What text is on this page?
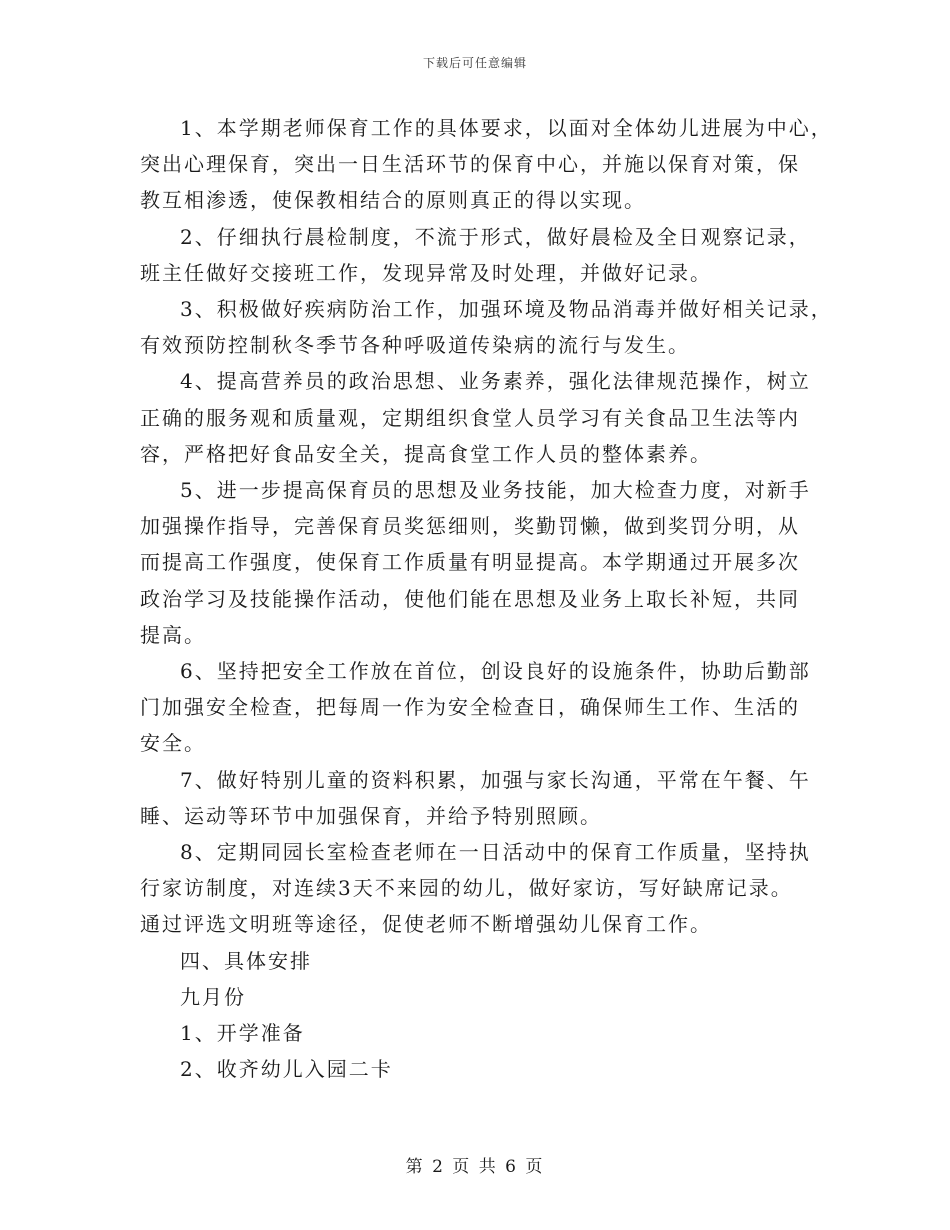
下载后可任意编辑

1、本学期老师保育工作的具体要求，以面对全体幼儿进展为中心，
突出心理保育，突出一日生活环节的保育中心，并施以保育对策，保
教互相渗透，使保教相结合的原则真正的得以实现。

2、仔细执行晨检制度，不流于形式，做好晨检及全日观察记录，
班主任做好交接班工作，发现异常及时处理，并做好记录。

3、积极做好疾病防治工作，加强环境及物品消毒并做好相关记录，
有效预防控制秋冬季节各种呼吸道传染病的流行与发生。

4、提高营养员的政治思想、业务素养，强化法律规范操作，树立
正确的服务观和质量观，定期组织食堂人员学习有关食品卫生法等内
容，严格把好食品安全关，提高食堂工作人员的整体素养。

5、进一步提高保育员的思想及业务技能，加大检查力度，对新手
加强操作指导，完善保育员奖惩细则，奖勤罚懒，做到奖罚分明，从
而提高工作强度，使保育工作质量有明显提高。本学期通过开展多次
政治学习及技能操作活动，使他们能在思想及业务上取长补短，共同
提高。

6、坚持把安全工作放在首位，创设良好的设施条件，协助后勤部
门加强安全检查，把每周一作为安全检查日，确保师生工作、生活的
安全。

7、做好特别儿童的资料积累，加强与家长沟通，平常在午餐、午
睡、运动等环节中加强保育，并给予特别照顾。

8、定期同园长室检查老师在一日活动中的保育工作质量，坚持执
行家访制度，对连续3天不来园的幼儿，做好家访，写好缺席记录。
通过评选文明班等途径，促使老师不断增强幼儿保育工作。

四、具体安排

九月份

1、开学准备

2、收齐幼儿入园二卡

第 2 页 共 6 页
